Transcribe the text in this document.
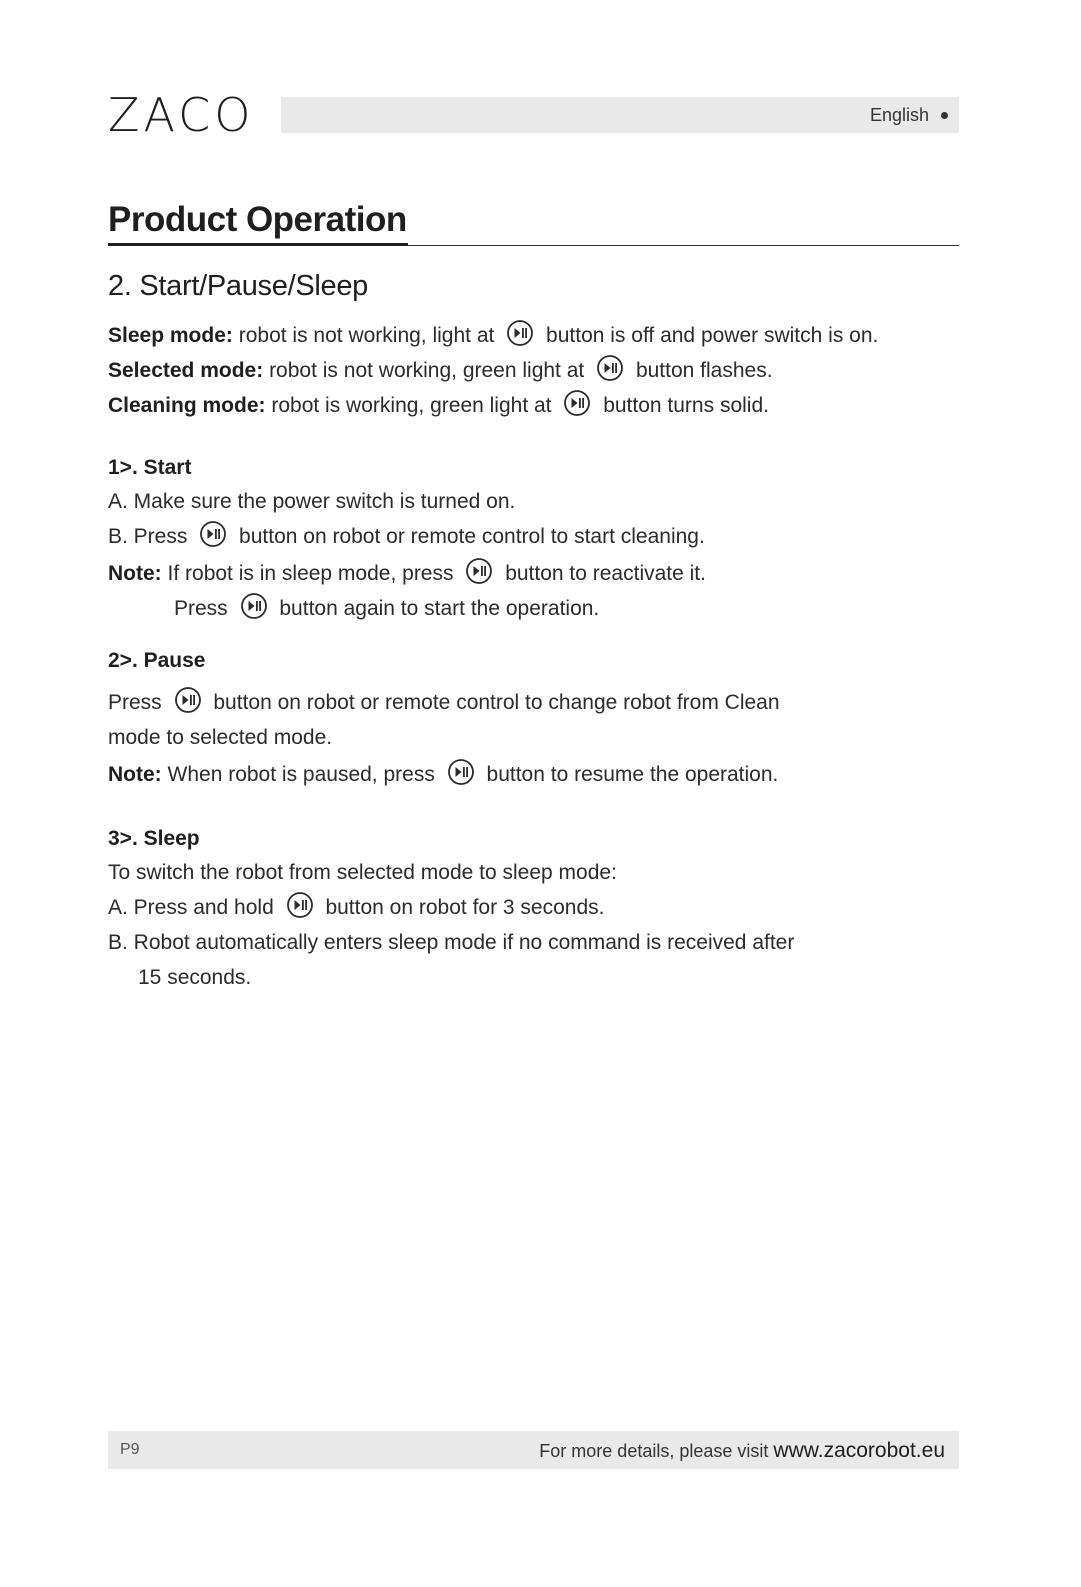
ZACO	English
Product Operation
2. Start/Pause/Sleep
Sleep mode: robot is not working, light at button is off and power switch is on.
Selected mode: robot is not working, green light at button flashes.
Cleaning mode: robot is working, green light at button turns solid.
1>. Start
A. Make sure the power switch is turned on.
B. Press button on robot or remote control to start cleaning.
Note: If robot is in sleep mode, press button to reactivate it.
Press button again to start the operation.
2>. Pause
Press button on robot or remote control to change robot from Clean
mode to selected mode.
Note: When robot is paused, press button to resume the operation.
3>. Sleep
To switch the robot from selected mode to sleep mode:
A. Press and hold button on robot for 3 seconds.
B. Robot automatically enters sleep mode if no command is received after
15 seconds.
P9	For more details, please visit www.zacorobot.eu
